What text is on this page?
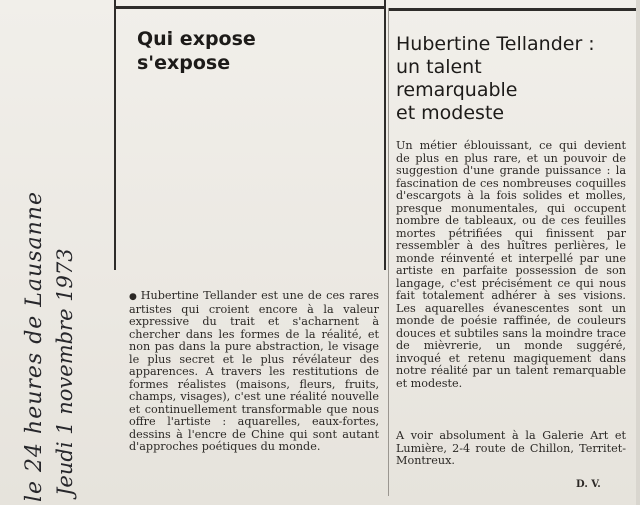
le 24 heures de Lausanne Jeudi 1 novembre 1973
Qui expose
s'expose
Hubertine Tellander :
un talent
remarquable
et modeste

● Hubertine Tellander est une de ces rares artistes qui croient encore à la valeur expressive du trait et s'acharnent à chercher dans les formes de la réalité, et non pas dans la pure abstraction, le visage le plus secret et le plus révélateur des apparences. A travers les restitutions de formes réalistes (maisons, fleurs, fruits, champs, visages), c'est une réalité nouvelle et continuellement transformable que nous offre l'artiste : aquarelles, eaux-fortes, dessins à l'encre de Chine qui sont autant d'approches poétiques du monde.

Un métier éblouissant, ce qui devient de plus en plus rare, et un pouvoir de suggestion d'une grande puissance : la fascination de ces nombreuses coquilles d'escargots à la fois solides et molles, presque monumentales, qui occupent nombre de tableaux, ou de ces feuilles mortes pétrifiées qui finissent par ressembler à des huîtres perlières, le monde réinventé et interpellé par une artiste en parfaite possession de son langage, c'est précisément ce qui nous fait totalement adhérer à ses visions. Les aquarelles évanescentes sont un monde de poésie raffinée, de couleurs douces et subtiles sans la moindre trace de mièvrerie, un monde suggéré, invoqué et retenu magiquement dans notre réalité par un talent remarquable et modeste.

A voir absolument à la Galerie Art et Lumière, 2-4 route de Chillon, Territet-Montreux.

D. V.
